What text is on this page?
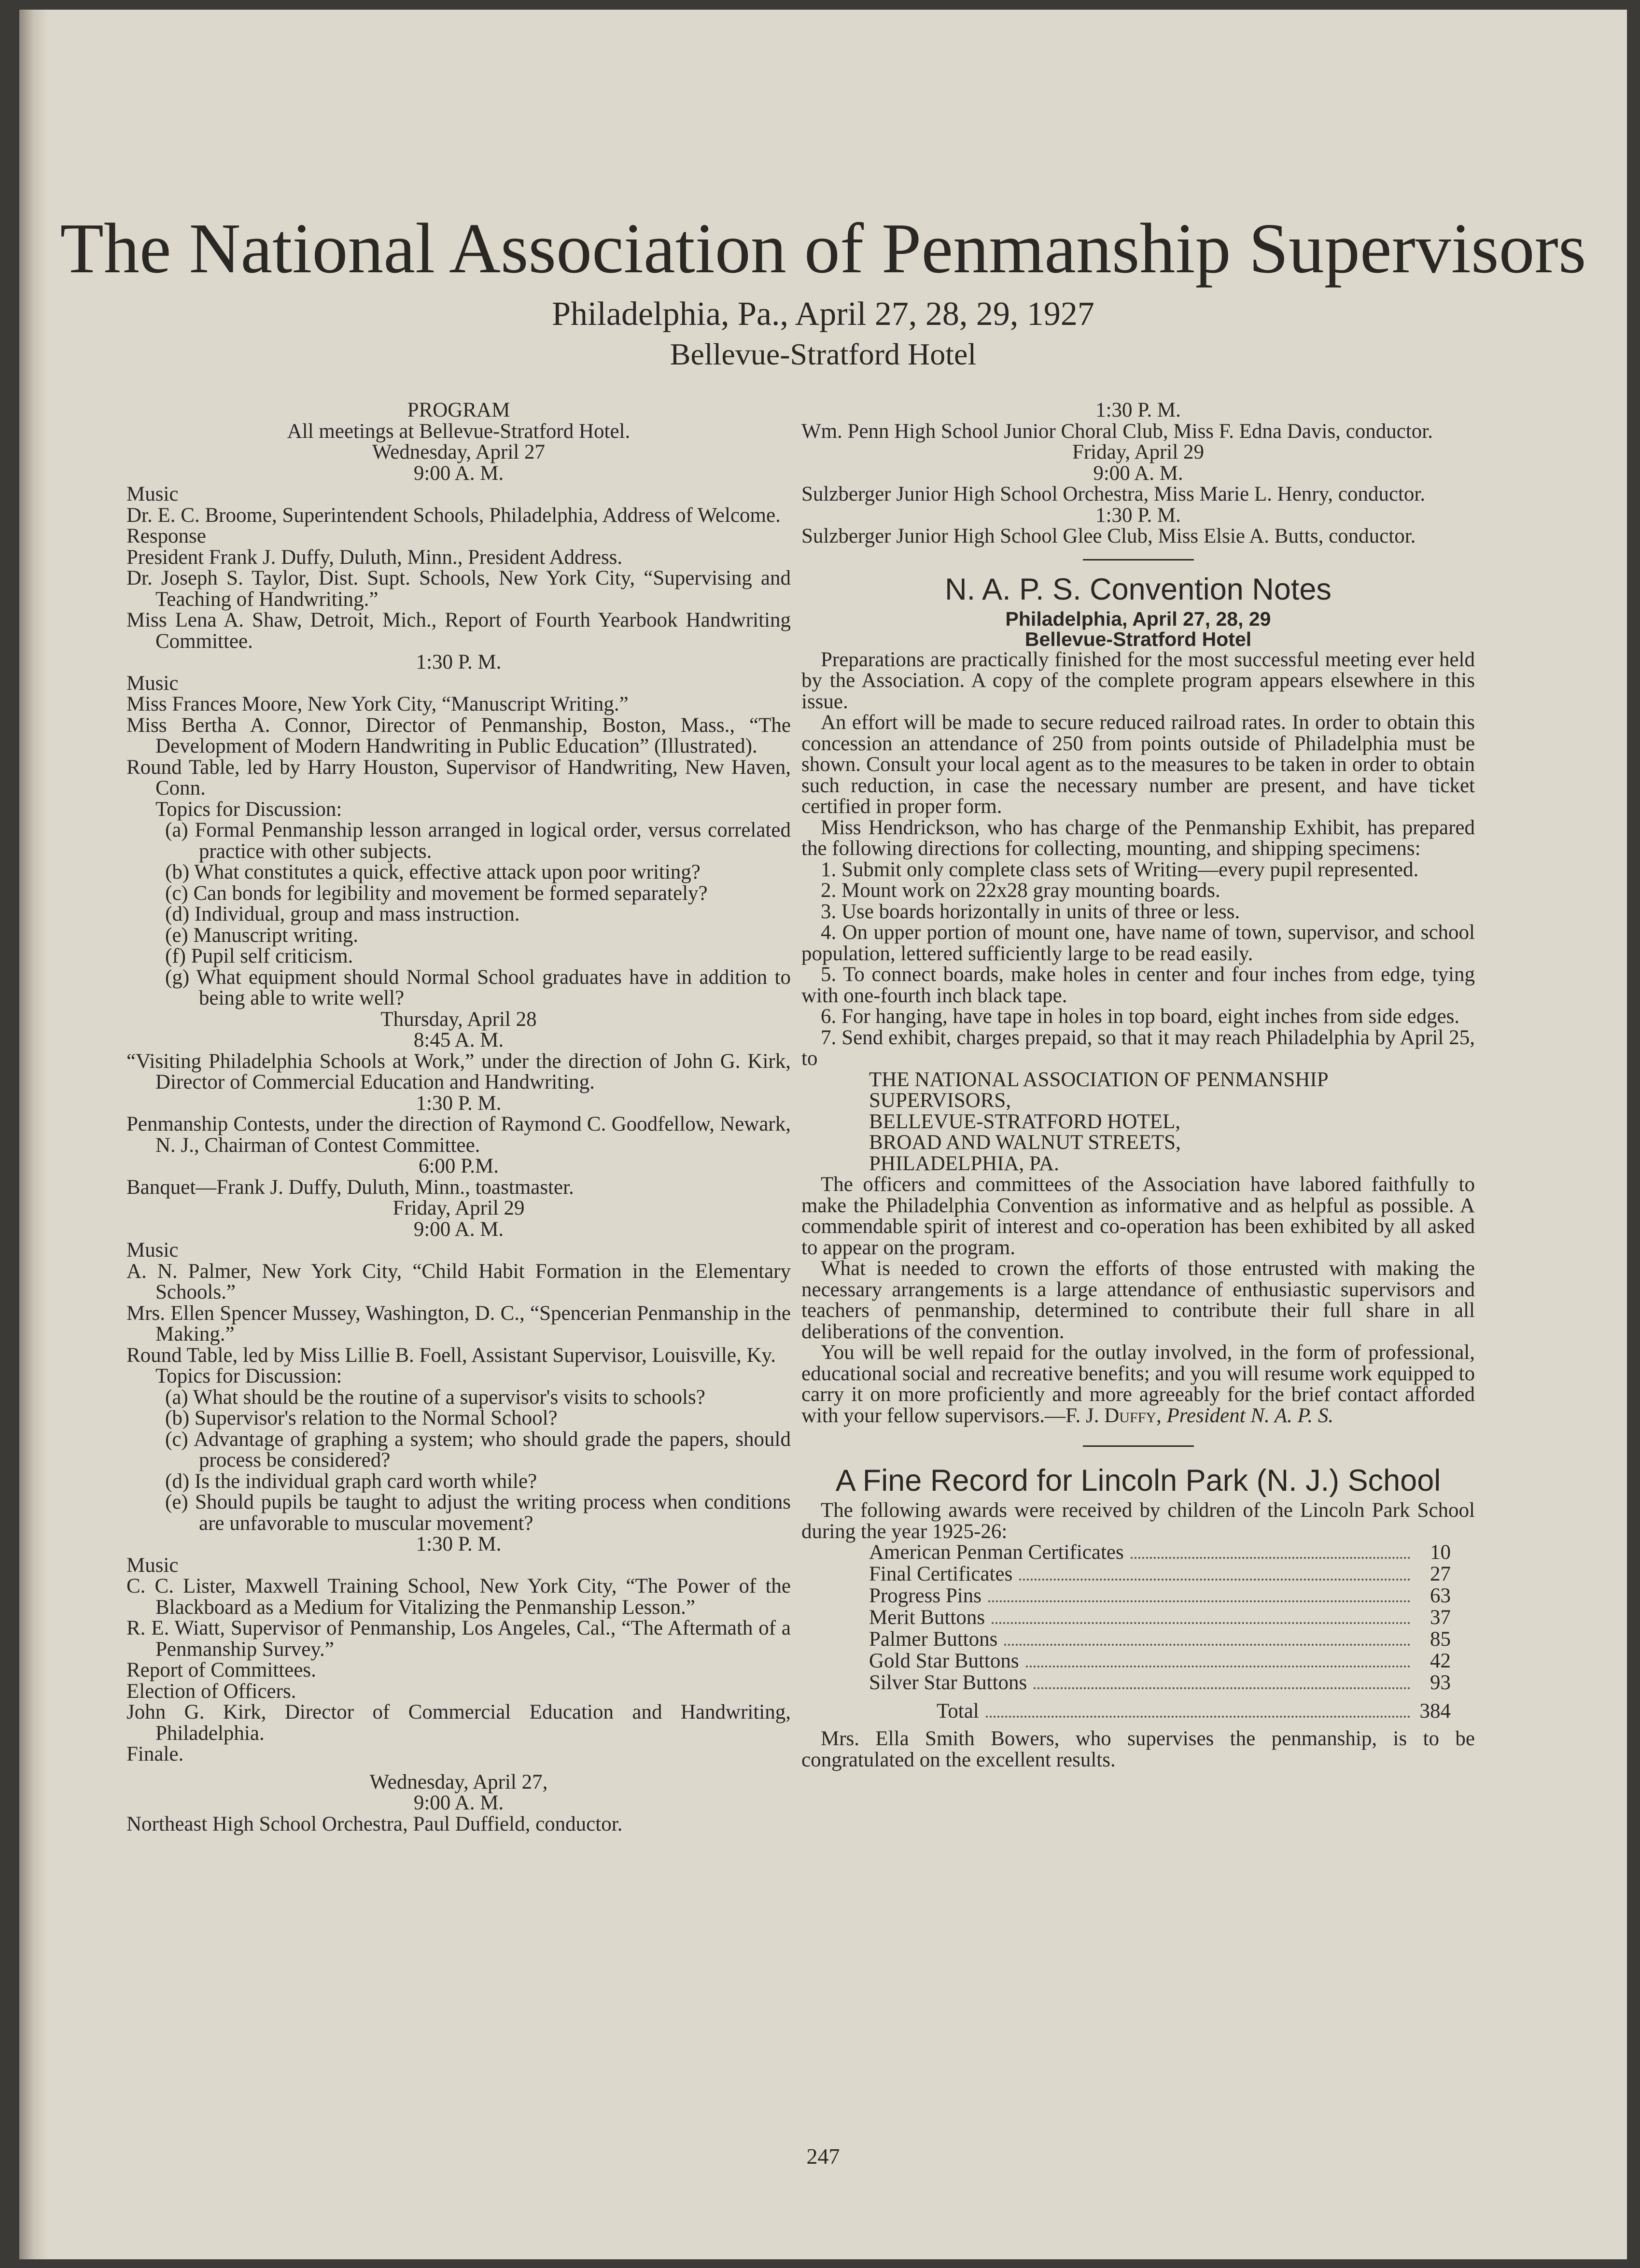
The National Association of Penmanship Supervisors
Philadelphia, Pa., April 27, 28, 29, 1927
Bellevue-Stratford Hotel

PROGRAM

All meetings at Bellevue-Stratford Hotel.

Wednesday, April 27

9:00 A. M.

Music

Dr. E. C. Broome, Superintendent Schools, Philadelphia, Address of Welcome.

Response

President Frank J. Duffy, Duluth, Minn., President Address.

Dr. Joseph S. Taylor, Dist. Supt. Schools, New York City, “Supervising and Teaching of Handwriting.”

Miss Lena A. Shaw, Detroit, Mich., Report of Fourth Yearbook Handwriting Committee.

1:30 P. M.

Music

Miss Frances Moore, New York City, “Manuscript Writing.”

Miss Bertha A. Connor, Director of Penmanship, Boston, Mass., “The Development of Modern Handwriting in Public Education” (Illustrated).

Round Table, led by Harry Houston, Supervisor of Handwriting, New Haven, Conn.

Topics for Discussion:

(a) Formal Penmanship lesson arranged in logical order, versus correlated practice with other subjects.

(b) What constitutes a quick, effective attack upon poor writing?

(c) Can bonds for legibility and movement be formed separately?

(d) Individual, group and mass instruction.

(e) Manuscript writing.

(f) Pupil self criticism.

(g) What equipment should Normal School graduates have in addition to being able to write well?

Thursday, April 28

8:45 A. M.

“Visiting Philadelphia Schools at Work,” under the direction of John G. Kirk, Director of Commercial Education and Handwriting.

1:30 P. M.

Penmanship Contests, under the direction of Raymond C. Goodfellow, Newark, N. J., Chairman of Contest Committee.

6:00 P.M.

Banquet—Frank J. Duffy, Duluth, Minn., toastmaster.

Friday, April 29

9:00 A. M.

Music

A. N. Palmer, New York City, “Child Habit Formation in the Elementary Schools.”

Mrs. Ellen Spencer Mussey, Washington, D. C., “Spencerian Penmanship in the Making.”

Round Table, led by Miss Lillie B. Foell, Assistant Supervisor, Louisville, Ky.

Topics for Discussion:

(a) What should be the routine of a supervisor's visits to schools?

(b) Supervisor's relation to the Normal School?

(c) Advantage of graphing a system; who should grade the papers, should process be considered?

(d) Is the individual graph card worth while?

(e) Should pupils be taught to adjust the writing process when conditions are unfavorable to muscular movement?

1:30 P. M.

Music

C. C. Lister, Maxwell Training School, New York City, “The Power of the Blackboard as a Medium for Vitalizing the Penmanship Lesson.”

R. E. Wiatt, Supervisor of Penmanship, Los Angeles, Cal., “The Aftermath of a Penmanship Survey.”

Report of Committees.

Election of Officers.

John G. Kirk, Director of Commercial Education and Handwriting, Philadelphia.

Finale.

Wednesday, April 27,

9:00 A. M.

Northeast High School Orchestra, Paul Duffield, conductor.

1:30 P. M.

Wm. Penn High School Junior Choral Club, Miss F. Edna Davis, conductor.

Friday, April 29

9:00 A. M.

Sulzberger Junior High School Orchestra, Miss Marie L. Henry, conductor.

1:30 P. M.

Sulzberger Junior High School Glee Club, Miss Elsie A. Butts, conductor.

N. A. P. S. Convention Notes

Philadelphia, April 27, 28, 29

Bellevue-Stratford Hotel

Preparations are practically finished for the most successful meeting ever held by the Association. A copy of the complete program appears elsewhere in this issue.

An effort will be made to secure reduced railroad rates. In order to obtain this concession an attendance of 250 from points outside of Philadelphia must be shown. Consult your local agent as to the measures to be taken in order to obtain such reduction, in case the necessary number are present, and have ticket certified in proper form.

Miss Hendrickson, who has charge of the Penmanship Exhibit, has prepared the following directions for collecting, mounting, and shipping specimens:

1. Submit only complete class sets of Writing—every pupil represented.

2. Mount work on 22x28 gray mounting boards.

3. Use boards horizontally in units of three or less.

4. On upper portion of mount one, have name of town, supervisor, and school population, lettered sufficiently large to be read easily.

5. To connect boards, make holes in center and four inches from edge, tying with one-fourth inch black tape.

6. For hanging, have tape in holes in top board, eight inches from side edges.

7. Send exhibit, charges prepaid, so that it may reach Philadelphia by April 25, to

THE NATIONAL ASSOCIATION OF PENMANSHIP SUPERVISORS,

BELLEVUE-STRATFORD HOTEL,

BROAD AND WALNUT STREETS,

PHILADELPHIA, PA.

The officers and committees of the Association have labored faithfully to make the Philadelphia Convention as informative and as helpful as possible. A commendable spirit of interest and co-operation has been exhibited by all asked to appear on the program.

What is needed to crown the efforts of those entrusted with making the necessary arrangements is a large attendance of enthusiastic supervisors and teachers of penmanship, determined to contribute their full share in all deliberations of the convention.

You will be well repaid for the outlay involved, in the form of professional, educational social and recreative benefits; and you will resume work equipped to carry it on more proficiently and more agreeably for the brief contact afforded with your fellow supervisors.—F. J. Duffy, President N. A. P. S.

A Fine Record for Lincoln Park (N. J.) School

The following awards were received by children of the Lincoln Park School during the year 1925-26:

American Penman Certificates	10
Final Certificates	27
Progress Pins	63
Merit Buttons	37
Palmer Buttons	85
Gold Star Buttons	42
Silver Star Buttons	93
Total	384

Mrs. Ella Smith Bowers, who supervises the penmanship, is to be congratulated on the excellent results.

247
